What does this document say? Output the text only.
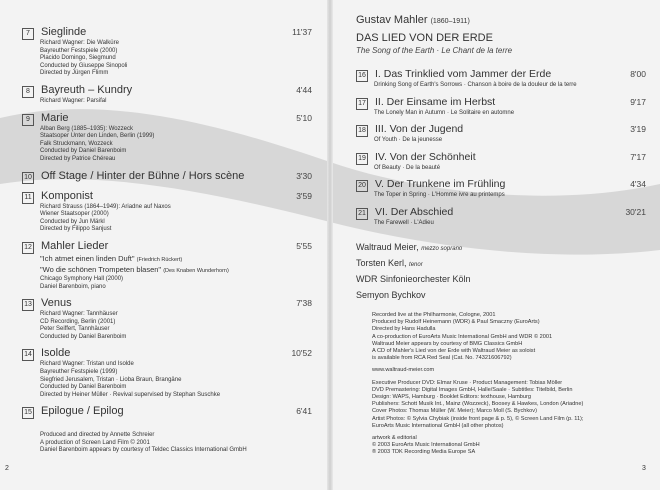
7	Sieglinde	11'37
Richard Wagner: Die Walküre
Bayreuther Festspiele (2000)
Placido Domingo, Siegmund
Conducted by Giuseppe Sinopoli
Directed by Jürgen Flimm
8	Bayreuth – Kundry	4'44
Richard Wagner: Parsifal
9	Marie	5'10
Alban Berg (1885–1935): Wozzeck
Staatsoper Unter den Linden, Berlin (1999)
Falk Struckmann, Wozzeck
Conducted by Daniel Barenboim
Directed by Patrice Chéreau
10 Off Stage / Hinter der Bühne / Hors scène	3'30
11 Komponist	3'59
Richard Strauss (1864–1949): Ariadne auf Naxos
Wiener Staatsoper (2000)
Conducted by Jun Märkl
Directed by Filippo Sanjust
12 Mahler Lieder	5'55
"Ich atmet einen linden Duft" (Friedrich Rückert)
"Wo die schönen Trompeten blasen" (Des Knaben Wunderhorn)
Chicago Symphony Hall (2000)
Daniel Barenboim, piano
13 Venus	7'38
Richard Wagner: Tannhäuser
CD Recording, Berlin (2001)
Peter Seiffert, Tannhäuser
Conducted by Daniel Barenboim
14 Isolde	10'52
Richard Wagner: Tristan und Isolde
Bayreuther Festspiele (1999)
Siegfried Jerusalem, Tristan · Lioba Braun, Brangäne
Conducted by Daniel Barenboim
Directed by Heiner Müller · Revival supervised by Stephan Suschke
15 Epilogue / Epilog	6'41
Produced and directed by Annette Schreier
A production of Screen Land Film © 2001
Daniel Barenboim appears by courtesy of Teldec Classics International GmbH
2
Gustav Mahler (1860–1911)
DAS LIED VON DER ERDE
The Song of the Earth · Le Chant de la terre
16 I. Das Trinklied vom Jammer der Erde	8'00
Drinking Song of Earth's Sorrows · Chanson à boire de la douleur de la terre
17 II. Der Einsame im Herbst	9'17
The Lonely Man in Autumn · Le Solitaire en automne
18 III. Von der Jugend	3'19
Of Youth · De la jeunesse
19 IV. Von der Schönheit	7'17
Of Beauty · De la beauté
20 V. Der Trunkene im Frühling	4'34
The Toper in Spring · L'Homme ivre au printemps
21 VI. Der Abschied	30'21
The Farewell · L'Adieu
Waltraud Meier, mezzo soprano
Torsten Kerl, tenor
WDR Sinfonieorchester Köln
Semyon Bychkov
Recorded live at the Philharmonie, Cologne, 2001
Produced by Rudolf Heinemann (WDR) & Paul Smaczny (EuroArts)
Directed by Hans Hadulla
A co-production of EuroArts Music International GmbH and WDR © 2001
Waltraud Meier appears by courtesy of BMG Classics GmbH
A CD of Mahler's Lied von der Erde with Waltraud Meier as soloist
is available from RCA Red Seal (Cat. No. 74321606792)
www.waltraud-meier.com
Executive Producer DVD: Elmar Kruse · Product Management: Tobias Möller
DVD Premastering: Digital Images GmbH, Halle/Saale · Subtitles: Titelbild, Berlin
Design: WAPS, Hamburg · Booklet Editors: texthouse, Hamburg
Publishers: Schott Musik Int., Mainz (Wozzeck), Boosey & Hawkes, London (Ariadne)
Cover Photos: Thomas Müller (W. Meier); Marco Moll (S. Bychkov)
Artist Photos: © Sylvia Chybiak (inside front page & p. 5), © Screen Land Film (p. 11);
EuroArts Music International GmbH (all other photos)
artwork & editorial
© 2003 EuroArts Music International GmbH
® 2003 TDK Recording Media Europe SA
3
